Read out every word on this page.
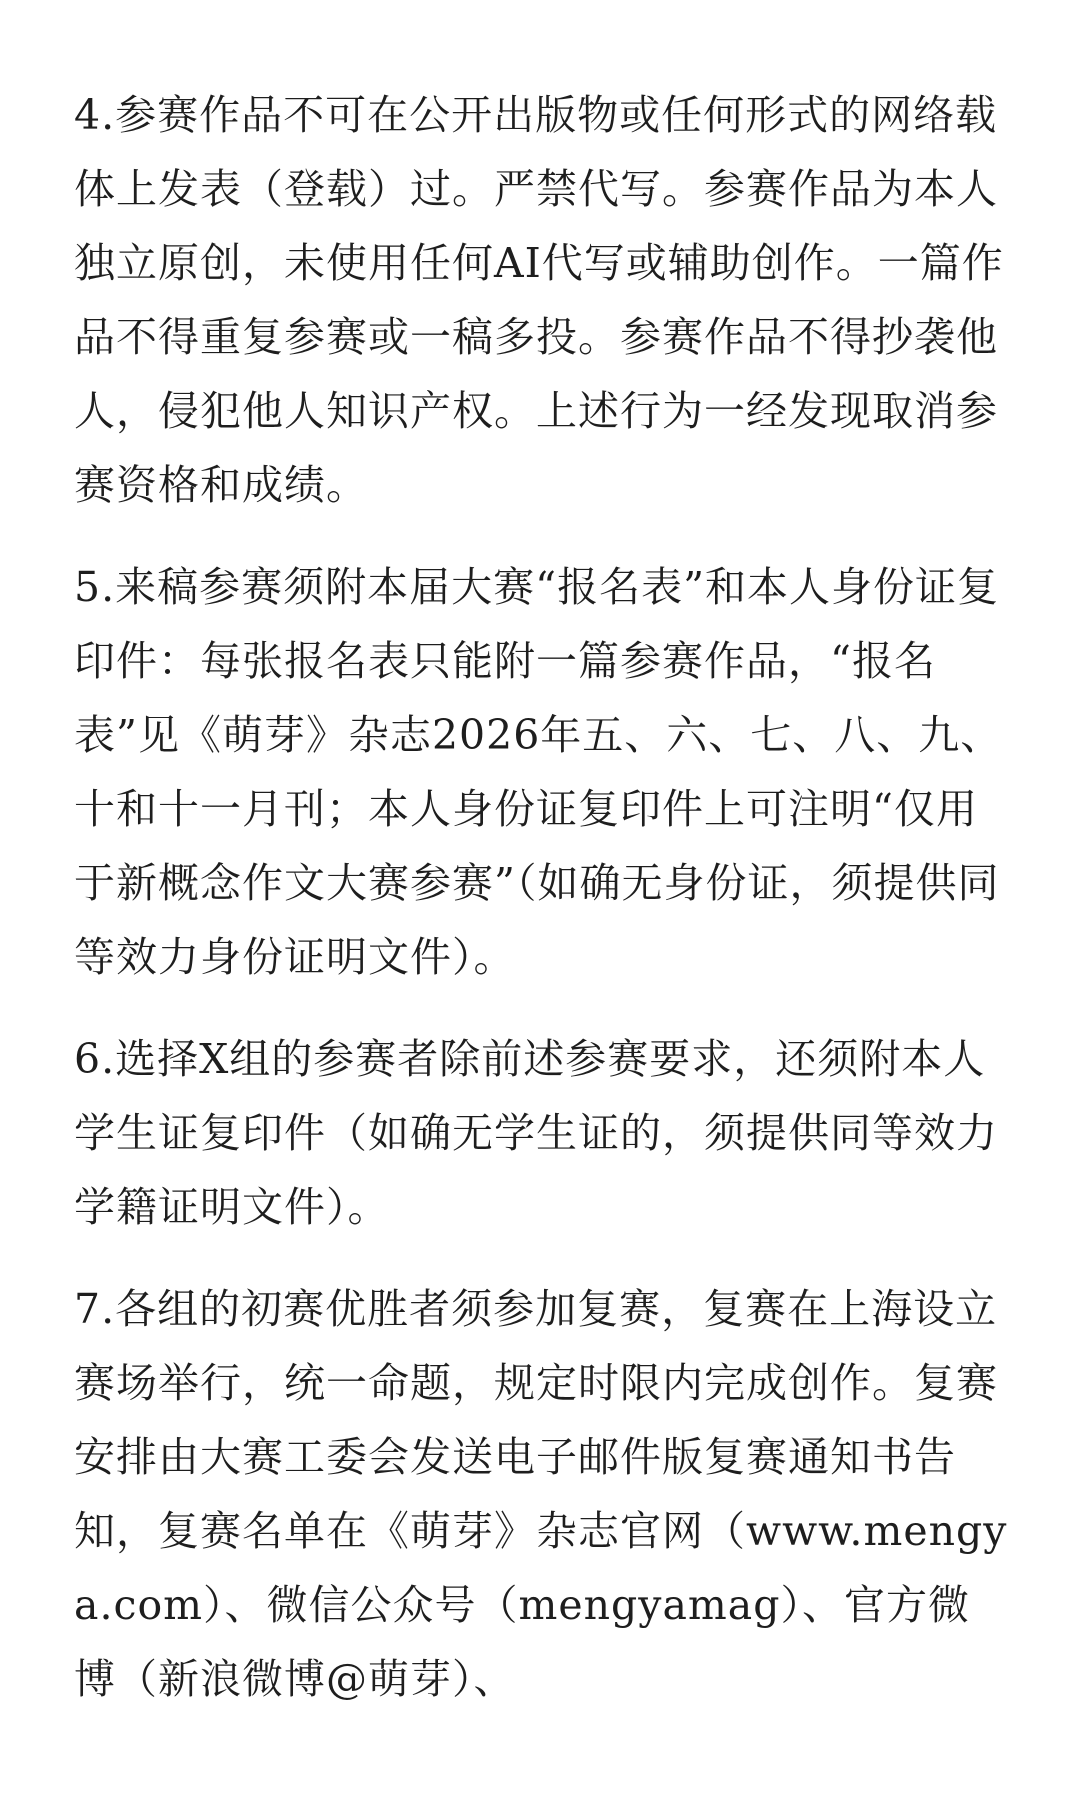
4.参赛作品不可在公开出版物或任何形式的网络载体上发表（登载）过。严禁代写。参赛作品为本人独立原创，未使用任何AI代写或辅助创作。一篇作品不得重复参赛或一稿多投。参赛作品不得抄袭他人，侵犯他人知识产权。上述行为一经发现取消参赛资格和成绩。

5.来稿参赛须附本届大赛“报名表”和本人身份证复印件：每张报名表只能附一篇参赛作品，“报名表”见《萌芽》杂志2026年五、六、七、八、九、十和十一月刊；本人身份证复印件上可注明“仅用于新概念作文大赛参赛”（如确无身份证，须提供同等效力身份证明文件）。

6.选择X组的参赛者除前述参赛要求，还须附本人学生证复印件（如确无学生证的，须提供同等效力学籍证明文件）。

7.各组的初赛优胜者须参加复赛，复赛在上海设立赛场举行，统一命题，规定时限内完成创作。复赛安排由大赛工委会发送电子邮件版复赛通知书告知，复赛名单在《萌芽》杂志官网（www.mengya.com）、微信公众号（mengyamag）、官方微博（新浪微博@萌芽）、
